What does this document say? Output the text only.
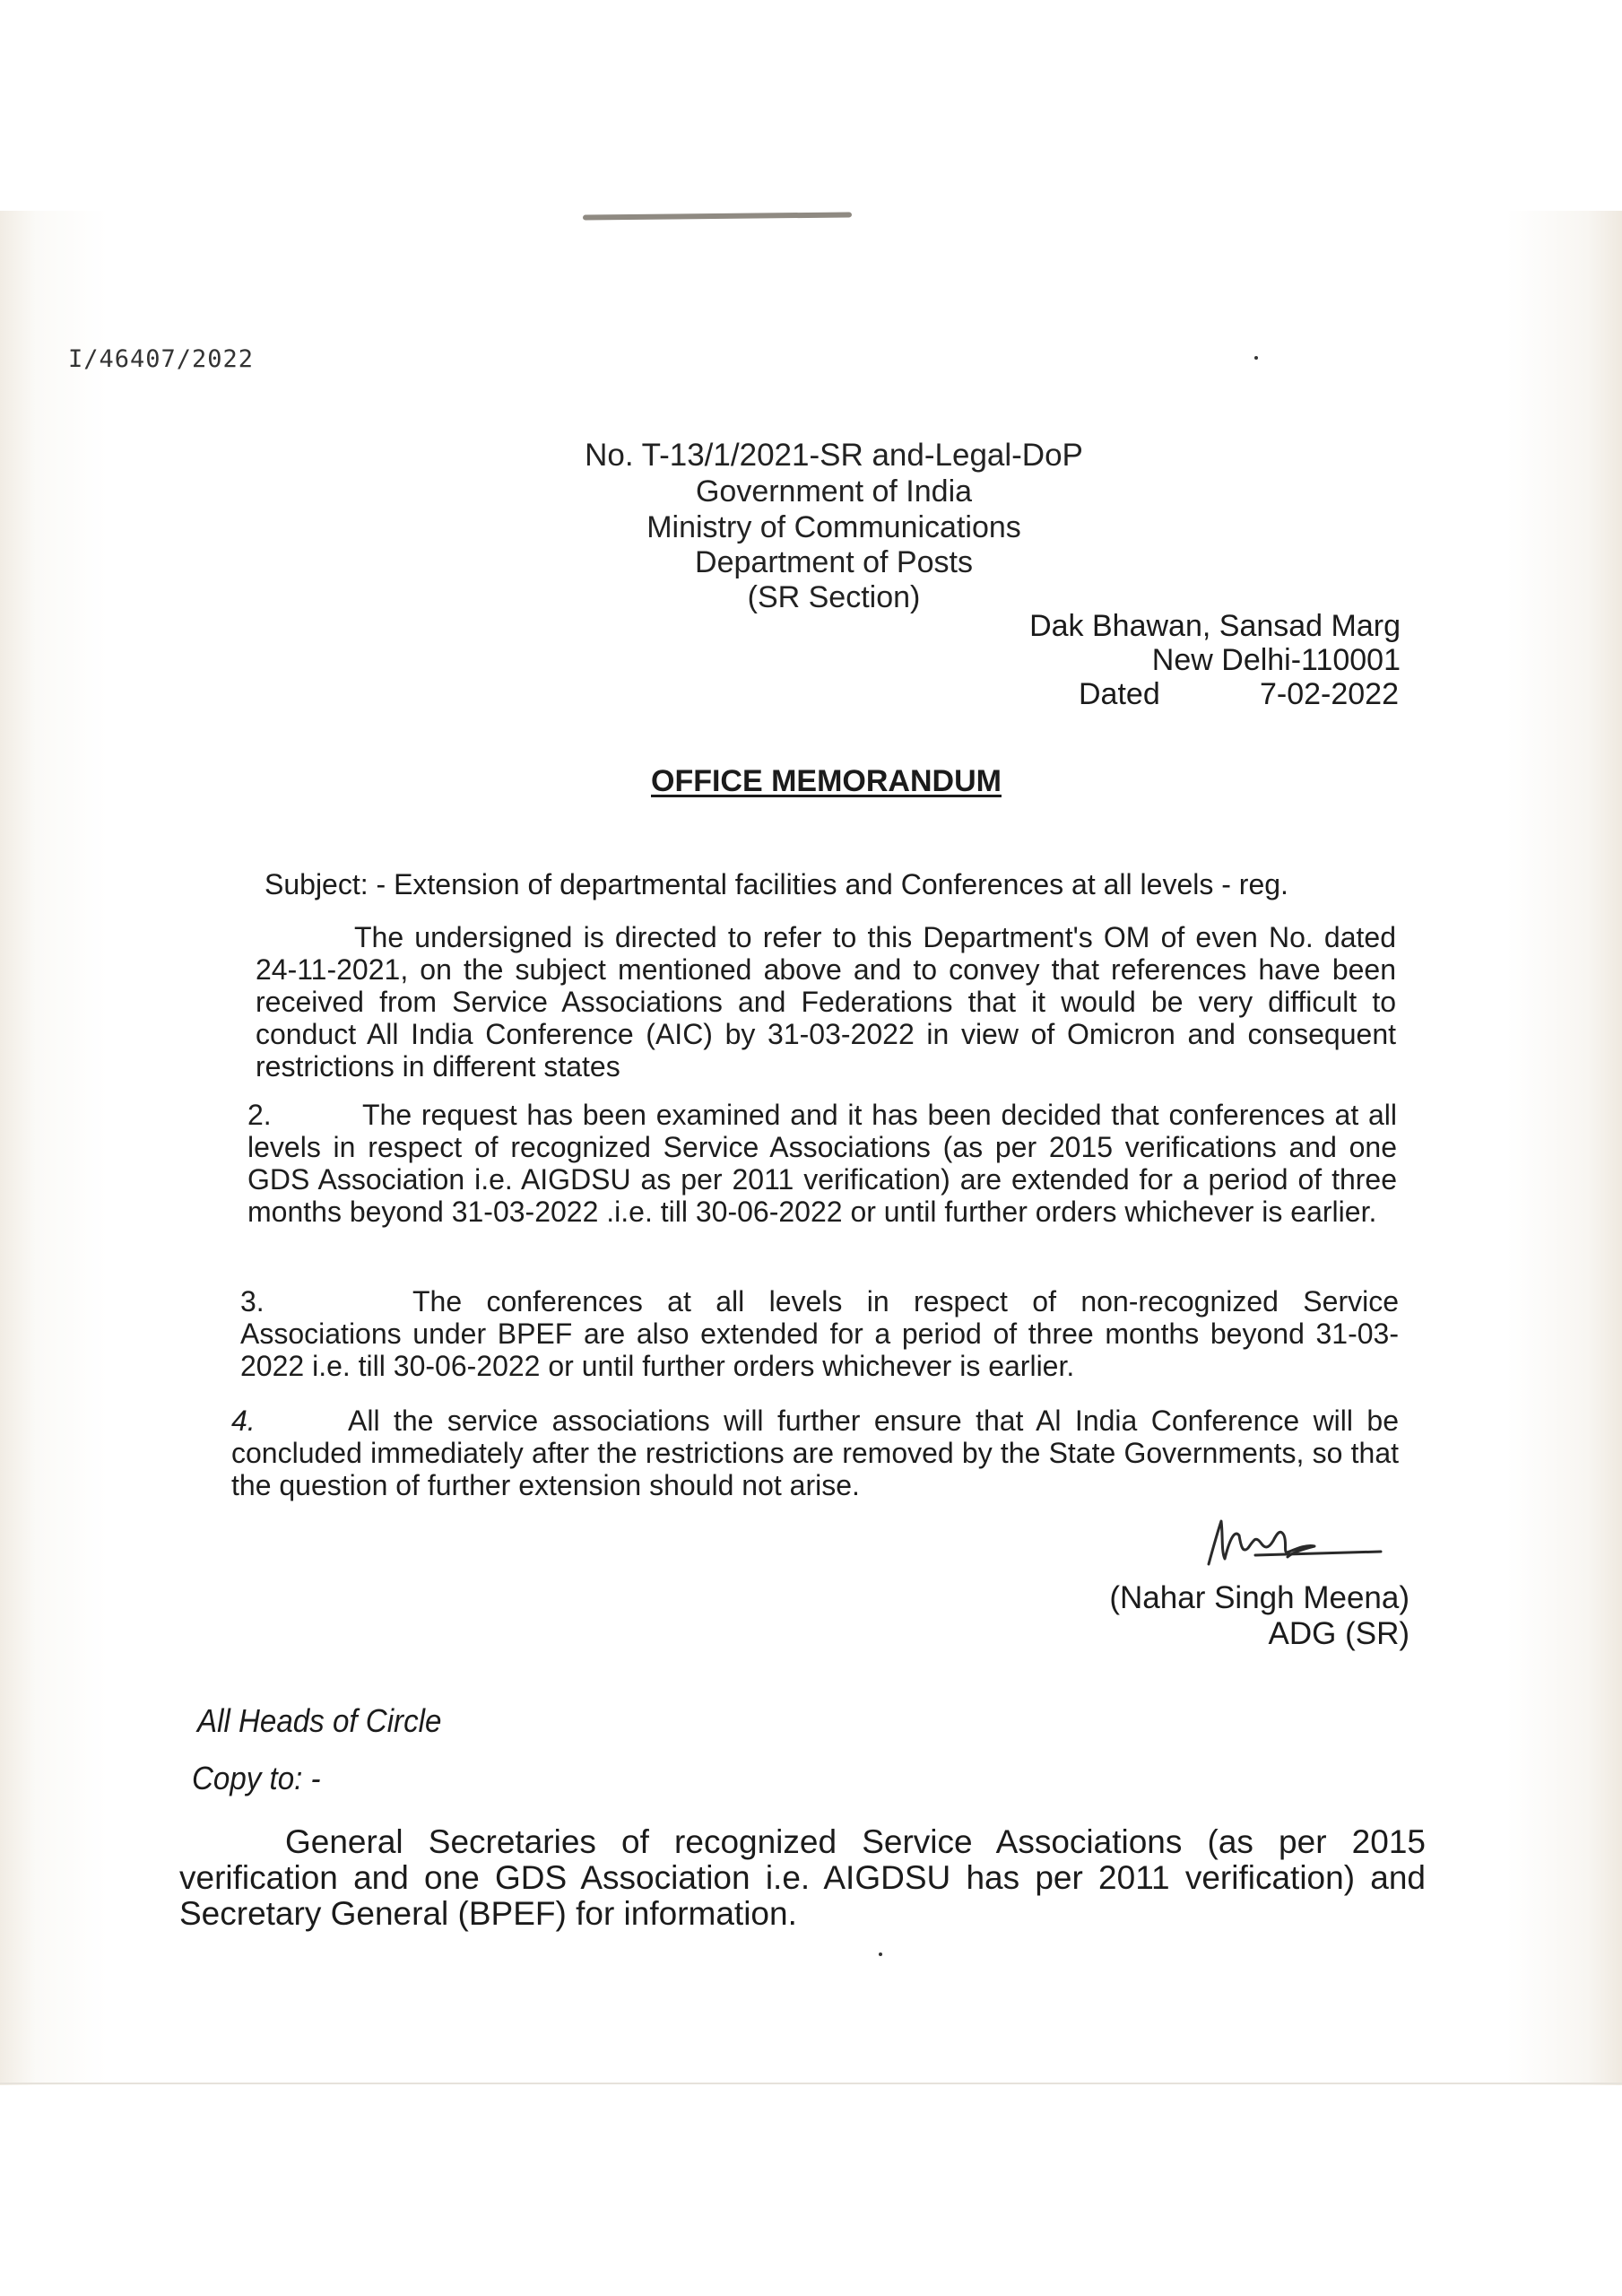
I/46407/2022
No. T-13/1/2021-SR and-Legal-DoP
Government of India
Ministry of Communications
Department of Posts
(SR Section)
Dak Bhawan, Sansad Marg
New Delhi-110001
Dated	7-02-2022
OFFICE MEMORANDUM
Subject: - Extension of departmental facilities and Conferences at all levels - reg.
The undersigned is directed to refer to this Department's OM of even No. dated 24-11-2021, on the subject mentioned above and to convey that references have been received from Service Associations and Federations that it would be very difficult to conduct All India Conference (AIC) by 31-03-2022 in view of Omicron and consequent restrictions in different states
2.	The request has been examined and it has been decided that conferences at all levels in respect of recognized Service Associations (as per 2015 verifications and one GDS Association i.e. AIGDSU as per 2011 verification) are extended for a period of three months beyond 31-03-2022 .i.e. till 30-06-2022 or until further orders whichever is earlier.
3.	The conferences at all levels in respect of non-recognized Service Associations under BPEF are also extended for a period of three months beyond 31-03-2022 i.e. till 30-06-2022 or until further orders whichever is earlier.
4.	All the service associations will further ensure that Al India Conference will be concluded immediately after the restrictions are removed by the State Governments, so that the question of further extension should not arise.
(Nahar Singh Meena)
ADG (SR)
All Heads of Circle
Copy to: -
General Secretaries of recognized Service Associations (as per 2015 verification and one GDS Association i.e. AIGDSU has per 2011 verification) and Secretary General (BPEF) for information.
